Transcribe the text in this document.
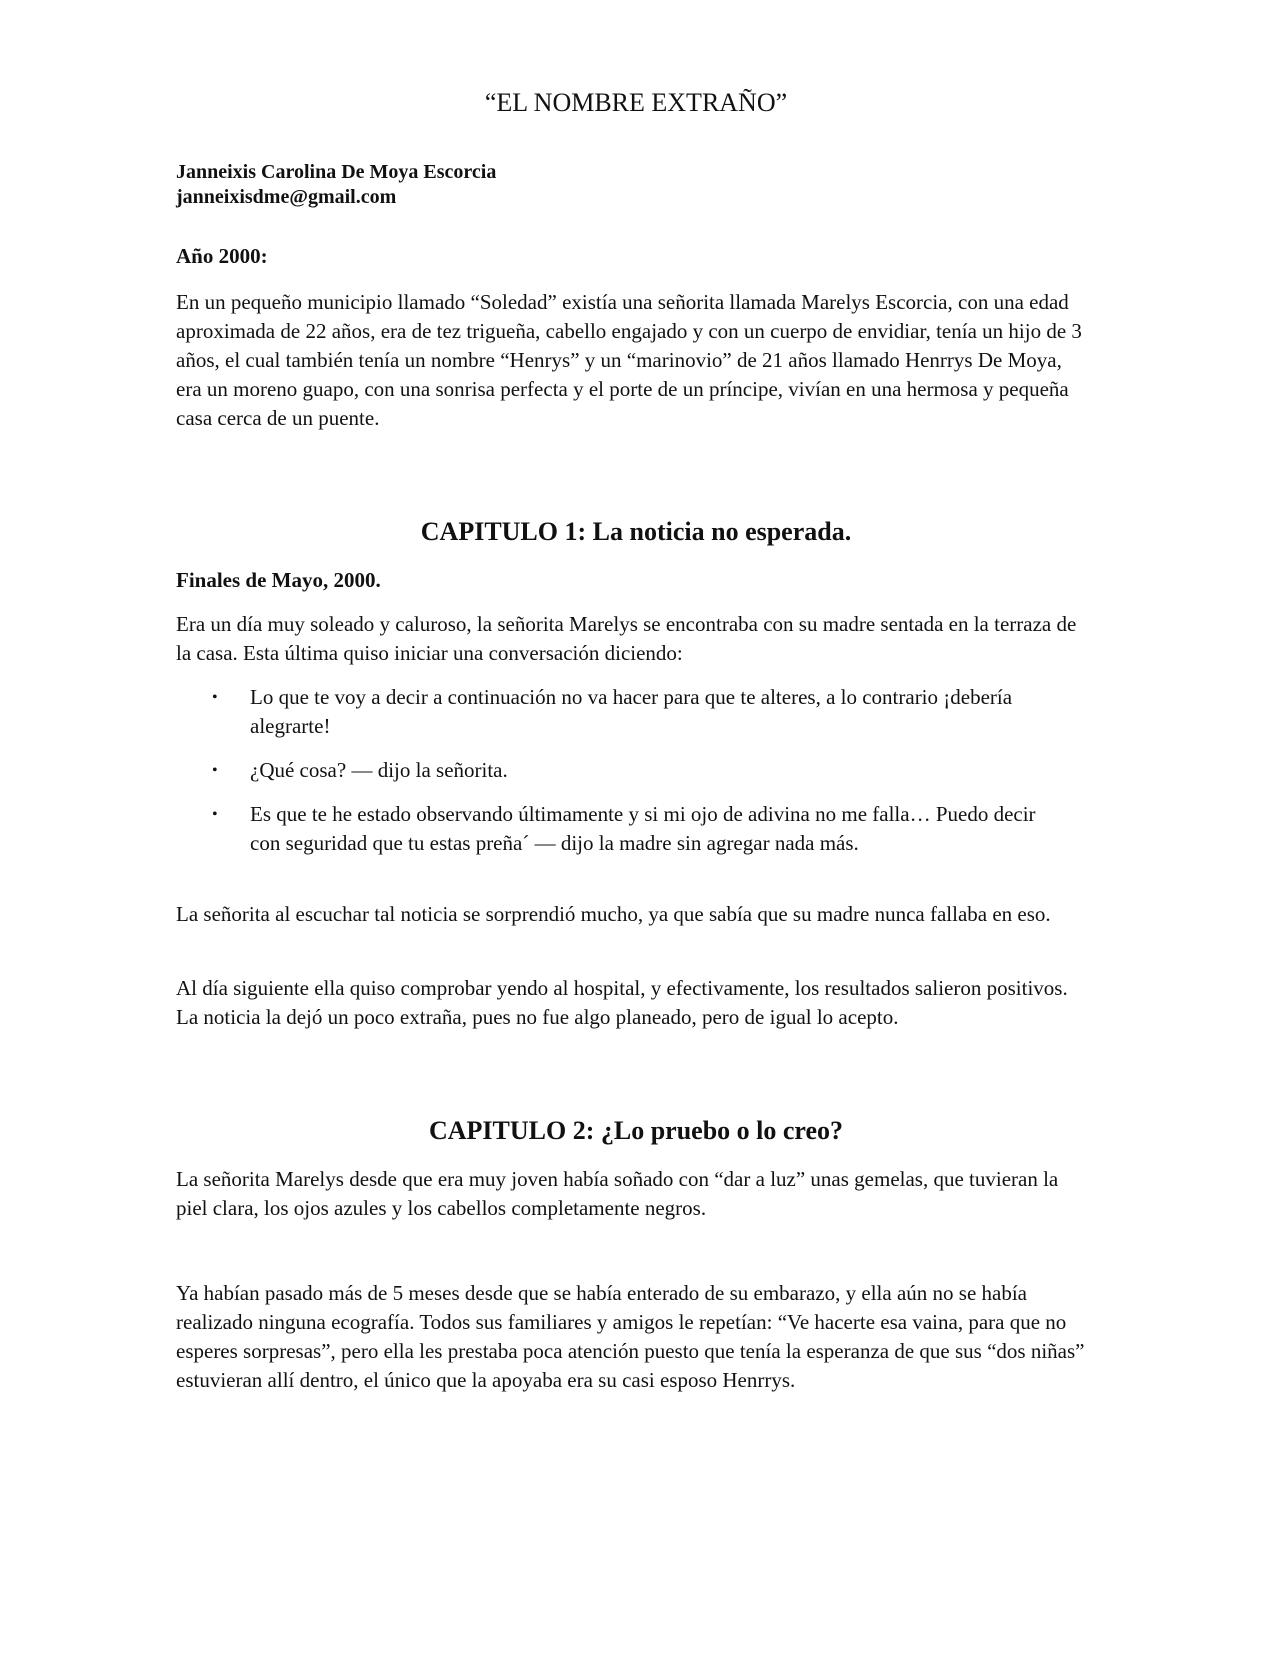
“EL NOMBRE EXTRAÑO”
Janneixis Carolina De Moya Escorcia
janneixisdme@gmail.com

Año 2000:

En un pequeño municipio llamado “Soledad” existía una señorita llamada Marelys Escorcia, con una edad aproximada de 22 años, era de tez trigueña, cabello engajado y con un cuerpo de envidiar, tenía un hijo de 3 años, el cual también tenía un nombre “Henrys” y un “marinovio” de 21 años llamado Henrrys De Moya, era un moreno guapo, con una sonrisa perfecta y el porte de un príncipe, vivían en una hermosa y pequeña casa cerca de un puente.

CAPITULO 1: La noticia no esperada.

Finales de Mayo, 2000.

Era un día muy soleado y caluroso, la señorita Marelys se encontraba con su madre sentada en la terraza de la casa. Esta última quiso iniciar una conversación diciendo:

•	Lo que te voy a decir a continuación no va hacer para que te alteres, a lo contrario ¡debería alegrarte!
•	¿Qué cosa? — dijo la señorita.
•	Es que te he estado observando últimamente y si mi ojo de adivina no me falla… Puedo decir con seguridad que tu estas preña´ — dijo la madre sin agregar nada más.

La señorita al escuchar tal noticia se sorprendió mucho, ya que sabía que su madre nunca fallaba en eso.

Al día siguiente ella quiso comprobar yendo al hospital, y efectivamente, los resultados salieron positivos. La noticia la dejó un poco extraña, pues no fue algo planeado, pero de igual lo acepto.

CAPITULO 2: ¿Lo pruebo o lo creo?

La señorita Marelys desde que era muy joven había soñado con “dar a luz” unas gemelas, que tuvieran la piel clara, los ojos azules y los cabellos completamente negros.

Ya habían pasado más de 5 meses desde que se había enterado de su embarazo, y ella aún no se había realizado ninguna ecografía. Todos sus familiares y amigos le repetían: “Ve hacerte esa vaina, para que no esperes sorpresas”, pero ella les prestaba poca atención puesto que tenía la esperanza de que sus “dos niñas” estuvieran allí dentro, el único que la apoyaba era su casi esposo Henrrys.
